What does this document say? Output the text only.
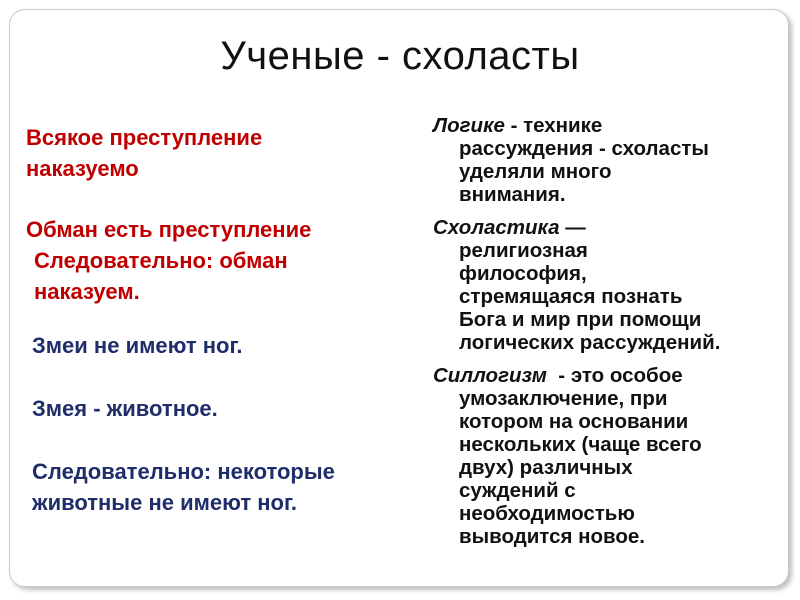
Ученые - схоласты
Всякое преступление наказуемо
Обман есть преступление
Следовательно: обман наказуем.

Змеи не имеют ног.

Змея - животное.

Следовательно: некоторые животные не имеют ног.

Логике - технике
рассуждения - схоласты
уделяли много
внимания.
Схоластика —
религиозная
философия,
стремящаяся познать
Бога и мир при помощи
логических рассуждений.
Силлогизм  - это особое
умозаключение, при
котором на основании
нескольких (чаще всего
двух) различных
суждений с
необходимостью
выводится новое.
